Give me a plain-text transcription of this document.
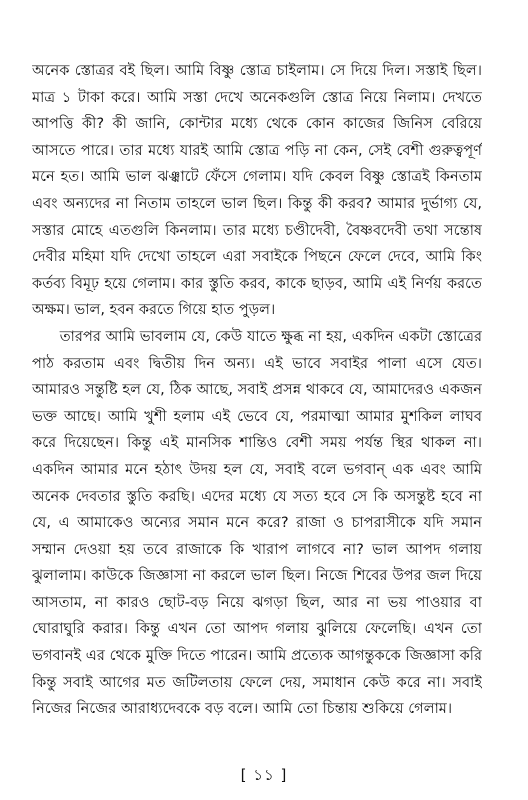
অনেক স্তোত্রর বই ছিল। আমি বিষ্ণু স্তোত্র চাইলাম। সে দিয়ে দিল। সস্তাই ছিল। মাত্র ১ টাকা করে। আমি সস্তা দেখে অনেকগুলি স্তোত্র নিয়ে নিলাম। দেখতে আপত্তি কী? কী জানি, কোন্টার মধ্যে থেকে কোন কাজের জিনিস বেরিয়ে আসতে পারে। তার মধ্যে যারই আমি স্তোত্র পড়ি না কেন, সেই বেশী গুরুত্বপূর্ণ মনে হত। আমি ভাল ঝঞ্ঝাটে ফেঁসে গেলাম। যদি কেবল বিষ্ণু স্তোত্রই কিনতাম এবং অন্যদের না নিতাম তাহলে ভাল ছিল। কিন্তু কী করব? আমার দুর্ভাগ্য যে, সস্তার মোহে এতগুলি কিনলাম। তার মধ্যে চণ্ডীদেবী, বৈষ্ণবদেবী তথা সন্তোষ দেবীর মহিমা যদি দেখো তাহলে এরা সবাইকে পিছনে ফেলে দেবে, আমি কিং কর্তব্য বিমূঢ় হয়ে গেলাম। কার স্তুতি করব, কাকে ছাড়ব, আমি এই নির্ণয় করতে অক্ষম। ভাল, হবন করতে গিয়ে হাত পুড়ল।

তারপর আমি ভাবলাম যে, কেউ যাতে ক্ষুব্ধ না হয়, একদিন একটা স্তোত্রের পাঠ করতাম এবং দ্বিতীয় দিন অন্য। এই ভাবে সবাইর পালা এসে যেত। আমারও সন্তুষ্টি হল যে, ঠিক আছে, সবাই প্রসন্ন থাকবে যে, আমাদেরও একজন ভক্ত আছে। আমি খুশী হলাম এই ভেবে যে, পরমাত্মা আমার মুশকিল লাঘব করে দিয়েছেন। কিন্তু এই মানসিক শান্তিও বেশী সময় পর্যন্ত স্থির থাকল না। একদিন আমার মনে হঠাৎ উদয় হল যে, সবাই বলে ভগবান্ এক এবং আমি অনেক দেবতার স্তুতি করছি। এদের মধ্যে যে সত্য হবে সে কি অসন্তুষ্ট হবে না যে, এ আমাকেও অন্যের সমান মনে করে? রাজা ও চাপরাসীকে যদি সমান সম্মান দেওয়া হয় তবে রাজাকে কি খারাপ লাগবে না? ভাল আপদ গলায় ঝুলালাম। কাউকে জিজ্ঞাসা না করলে ভাল ছিল। নিজে শিবের উপর জল দিয়ে আসতাম, না কারও ছোট-বড় নিয়ে ঝগড়া ছিল, আর না ভয় পাওয়ার বা ঘোরাঘুরি করার। কিন্তু এখন তো আপদ গলায় ঝুলিয়ে ফেলেছি। এখন তো ভগবানই এর থেকে মুক্তি দিতে পারেন। আমি প্রত্যেক আগন্তুককে জিজ্ঞাসা করি কিন্তু সবাই আগের মত জটিলতায় ফেলে দেয়, সমাধান কেউ করে না। সবাই নিজের নিজের আরাধ্যদেবকে বড় বলে। আমি তো চিন্তায় শুকিয়ে গেলাম।

[ ১১ ]
